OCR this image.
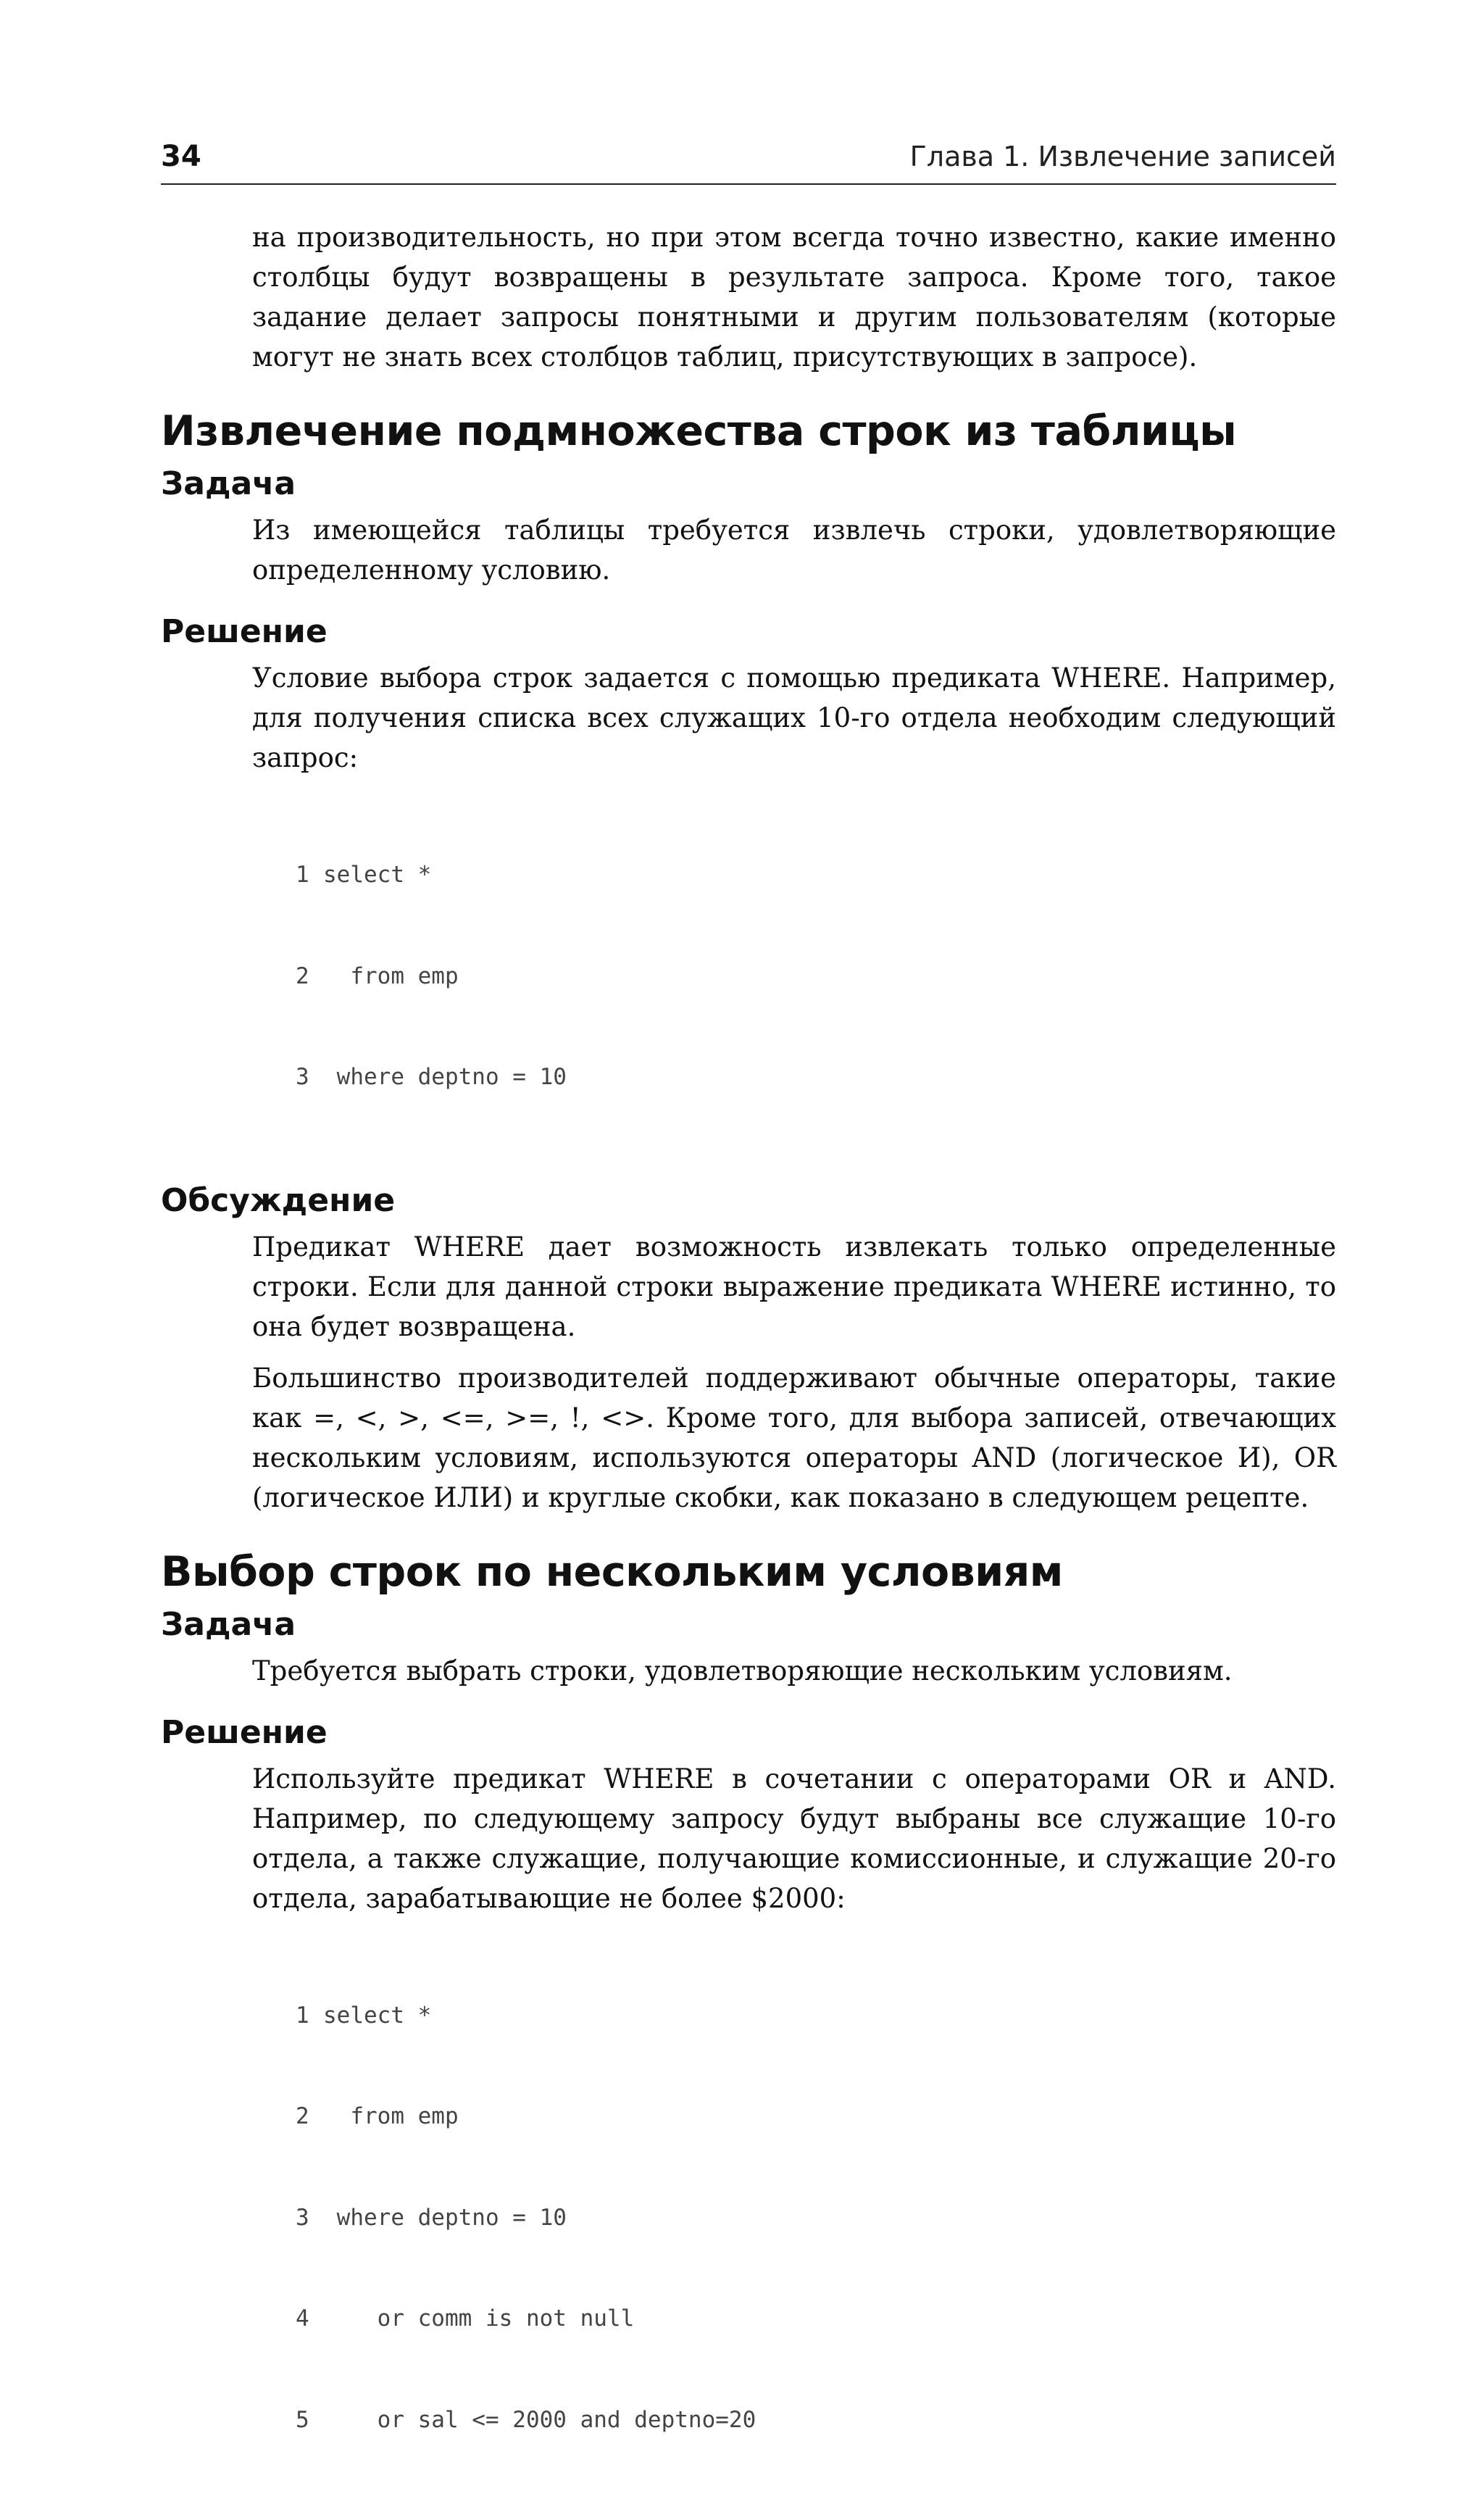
34	Глава 1. Извлечение записей

на производительность, но при этом всегда точно известно, какие именно столбцы будут возвращены в результате запроса. Кроме того, такое задание делает запросы понятными и другим пользователям (которые могут не знать всех столбцов таблиц, присутствующих в запросе).

Извлечение подмножества строк из таблицы
Задача

Из имеющейся таблицы требуется извлечь строки, удовлетворяющие определенному условию.

Решение

Условие выбора строк задается с помощью предиката WHERE. Например, для получения списка всех служащих 10-го отдела необходим следующий запрос:

1 select *

2  from emp

3 where deptno = 10

Обсуждение

Предикат WHERE дает возможность извлекать только определенные строки. Если для данной строки выражение предиката WHERE истинно, то она будет возвращена.

Большинство производителей поддерживают обычные операторы, такие как =, <, >, <=, >=, !, <>. Кроме того, для выбора записей, отвечающих нескольким условиям, используются операторы AND (логическое И), OR (логическое ИЛИ) и круглые скобки, как показано в следующем рецепте.

Выбор строк по нескольким условиям
Задача

Требуется выбрать строки, удовлетворяющие нескольким условиям.

Решение

Используйте предикат WHERE в сочетании с операторами OR и AND. Например, по следующему запросу будут выбраны все служащие 10-го отдела, а также служащие, получающие комиссионные, и служащие 20-го отдела, зарабатывающие не более $2000:

1 select *

2  from emp

3 where deptno = 10

4    or comm is not null

5    or sal <= 2000 and deptno=20
